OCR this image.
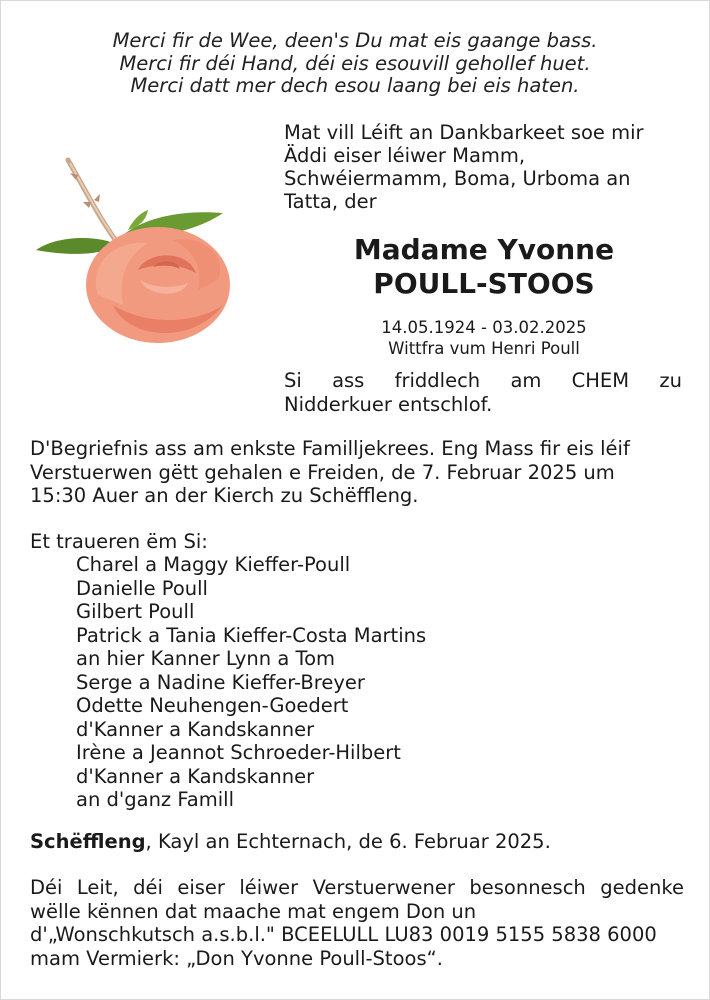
Merci fir de Wee, deen's Du mat eis gaange bass.
Merci fir déi Hand, déi eis esouvill gehollef huet.
Merci datt mer dech esou laang bei eis haten.
Mat vill Léift an Dankbarkeet soe mir
Äddi eiser léiwer Mamm,
Schwéiermamm, Boma, Urboma an
Tatta, der
Madame Yvonne
POULL-STOOS
14.05.1924 - 03.02.2025
Wittfra vum Henri Poull
Si ass friddlech am CHEM zu
Nidderkuer entschlof.
D'Begriefnis ass am enkste Familljekrees. Eng Mass fir eis léif
Verstuerwen gëtt gehalen e Freiden, de 7. Februar 2025 um
15:30 Auer an der Kierch zu Schëffleng.
Et traueren ëm Si:
Charel a Maggy Kieffer-Poull
Danielle Poull
Gilbert Poull
Patrick a Tania Kieffer-Costa Martins
an hier Kanner Lynn a Tom
Serge a Nadine Kieffer-Breyer
Odette Neuhengen-Goedert
d'Kanner a Kandskanner
Irène a Jeannot Schroeder-Hilbert
d'Kanner a Kandskanner
an d'ganz Famill
Schëffleng, Kayl an Echternach, de 6. Februar 2025.
Déi Leit, déi eiser léiwer Verstuerwener besonnesch gedenke
wëlle kënnen dat maache mat engem Don un
d'„Wonschkutsch a.s.b.l." BCEELULL LU83 0019 5155 5838 6000
mam Vermierk: „Don Yvonne Poull-Stoos“.
